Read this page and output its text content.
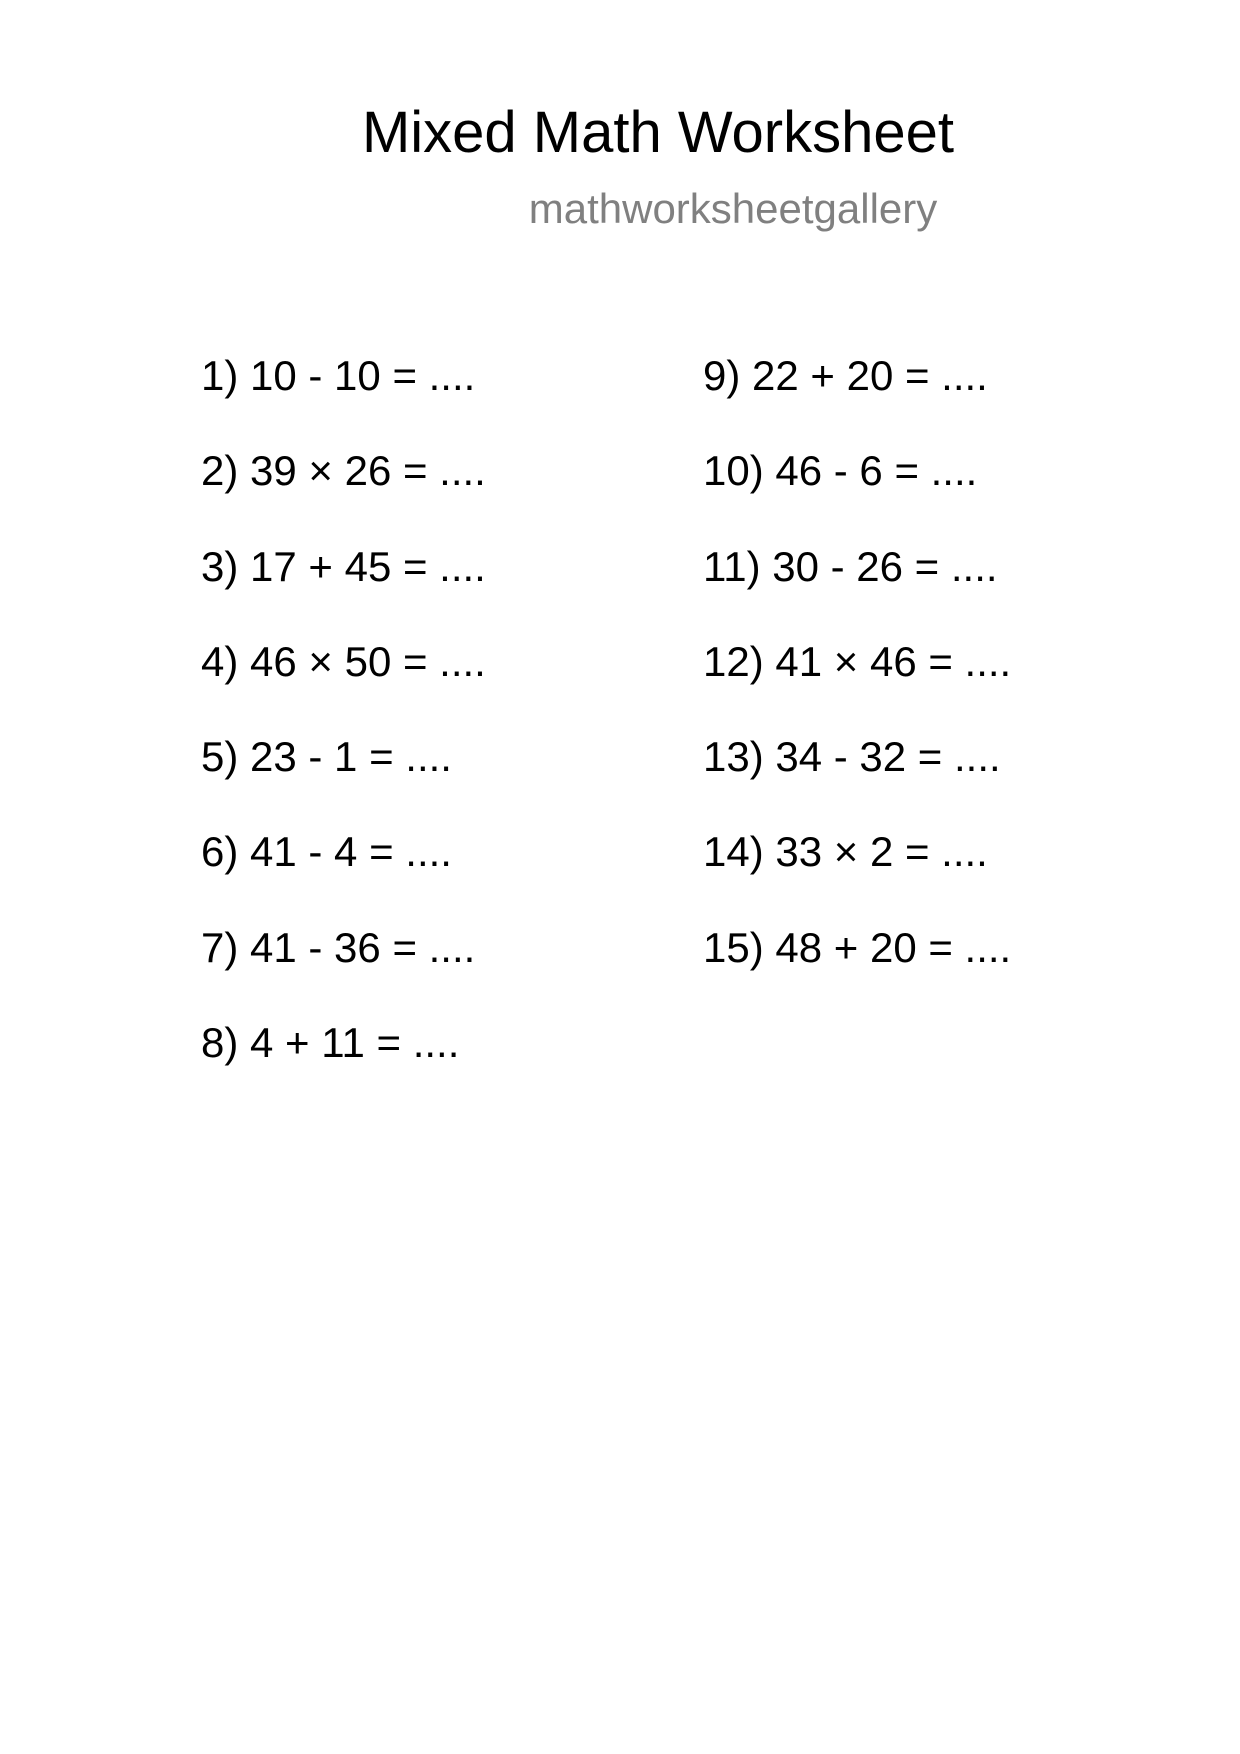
Mixed Math Worksheet
mathworksheetgallery
1) 10 - 10 = ....
2) 39 × 26 = ....
3) 17 + 45 = ....
4) 46 × 50 = ....
5) 23 - 1 = ....
6) 41 - 4 = ....
7) 41 - 36 = ....
8) 4 + 11 = ....
9) 22 + 20 = ....
10) 46 - 6 = ....
11) 30 - 26 = ....
12) 41 × 46 = ....
13) 34 - 32 = ....
14) 33 × 2 = ....
15) 48 + 20 = ....
